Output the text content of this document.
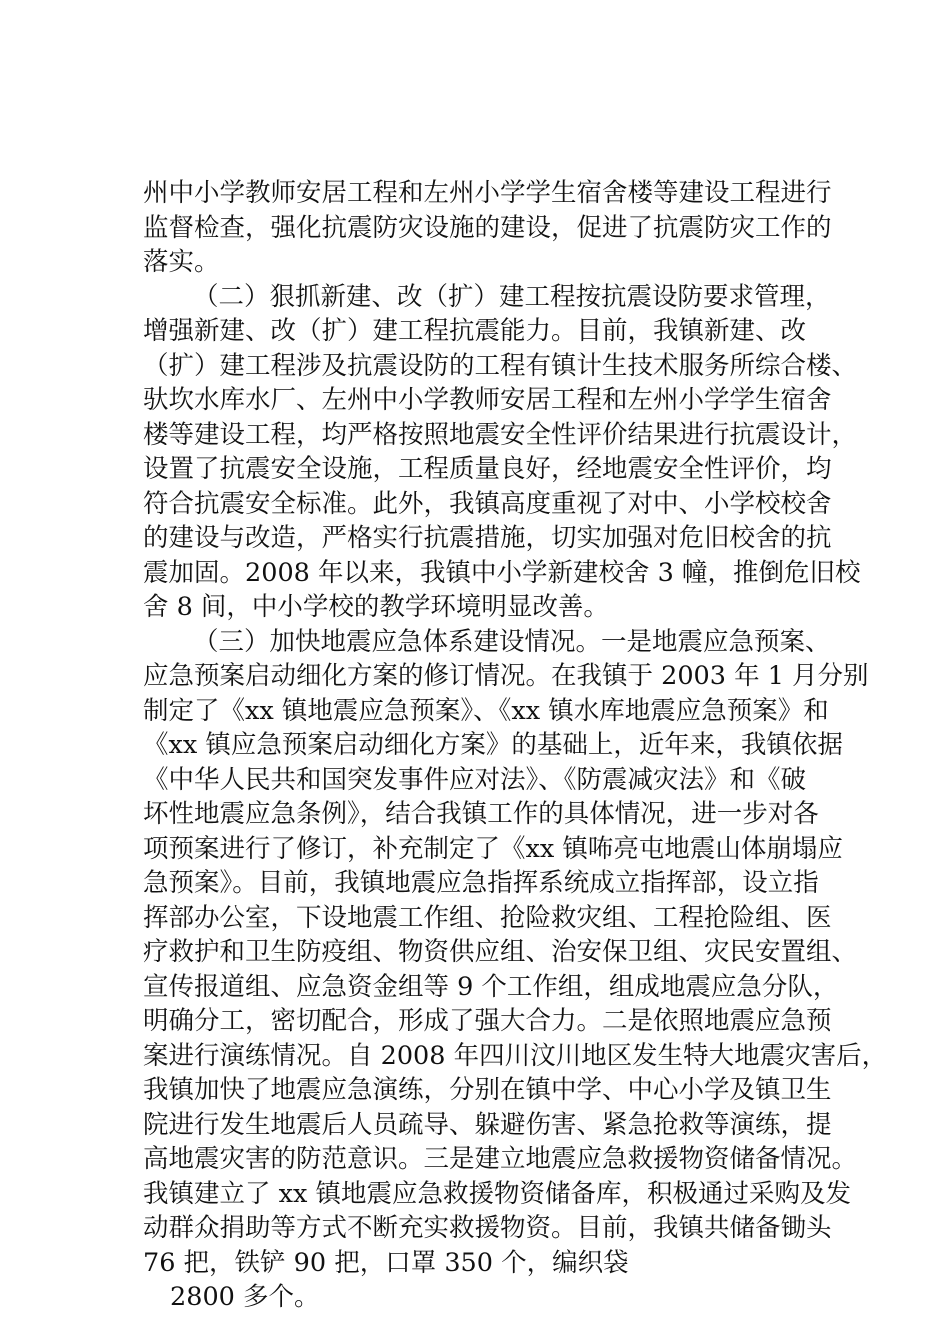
州中小学教师安居工程和左州小学学生宿舍楼等建设工程进行
监督检查，强化抗震防灾设施的建设，促进了抗震防灾工作的
落实。
（二）狠抓新建、改（扩）建工程按抗震设防要求管理，
增强新建、改（扩）建工程抗震能力。目前，我镇新建、改
（扩）建工程涉及抗震设防的工程有镇计生技术服务所综合楼、
驮坎水库水厂、左州中小学教师安居工程和左州小学学生宿舍
楼等建设工程，均严格按照地震安全性评价结果进行抗震设计，
设置了抗震安全设施，工程质量良好，经地震安全性评价，均
符合抗震安全标准。此外，我镇高度重视了对中、小学校校舍
的建设与改造，严格实行抗震措施，切实加强对危旧校舍的抗
震加固。2008 年以来，我镇中小学新建校舍 3 幢，推倒危旧校
舍 8 间，中小学校的教学环境明显改善。
（三）加快地震应急体系建设情况。一是地震应急预案、
应急预案启动细化方案的修订情况。在我镇于 2003 年 1 月分别
制定了《xx 镇地震应急预案》、《xx 镇水库地震应急预案》和
《xx 镇应急预案启动细化方案》的基础上，近年来，我镇依据
《中华人民共和国突发事件应对法》、《防震减灾法》和《破
坏性地震应急条例》，结合我镇工作的具体情况，进一步对各
项预案进行了修订，补充制定了《xx 镇咘亮屯地震山体崩塌应
急预案》。目前，我镇地震应急指挥系统成立指挥部，设立指
挥部办公室，下设地震工作组、抢险救灾组、工程抢险组、医
疗救护和卫生防疫组、物资供应组、治安保卫组、灾民安置组、
宣传报道组、应急资金组等 9 个工作组，组成地震应急分队，
明确分工，密切配合，形成了强大合力。二是依照地震应急预
案进行演练情况。自 2008 年四川汶川地区发生特大地震灾害后，
我镇加快了地震应急演练，分别在镇中学、中心小学及镇卫生
院进行发生地震后人员疏导、躲避伤害、紧急抢救等演练，提
高地震灾害的防范意识。三是建立地震应急救援物资储备情况。
我镇建立了 xx 镇地震应急救援物资储备库，积极通过采购及发
动群众捐助等方式不断充实救援物资。目前，我镇共储备锄头
76 把，铁铲 90 把，口罩 350 个，编织袋
2800 多个。
